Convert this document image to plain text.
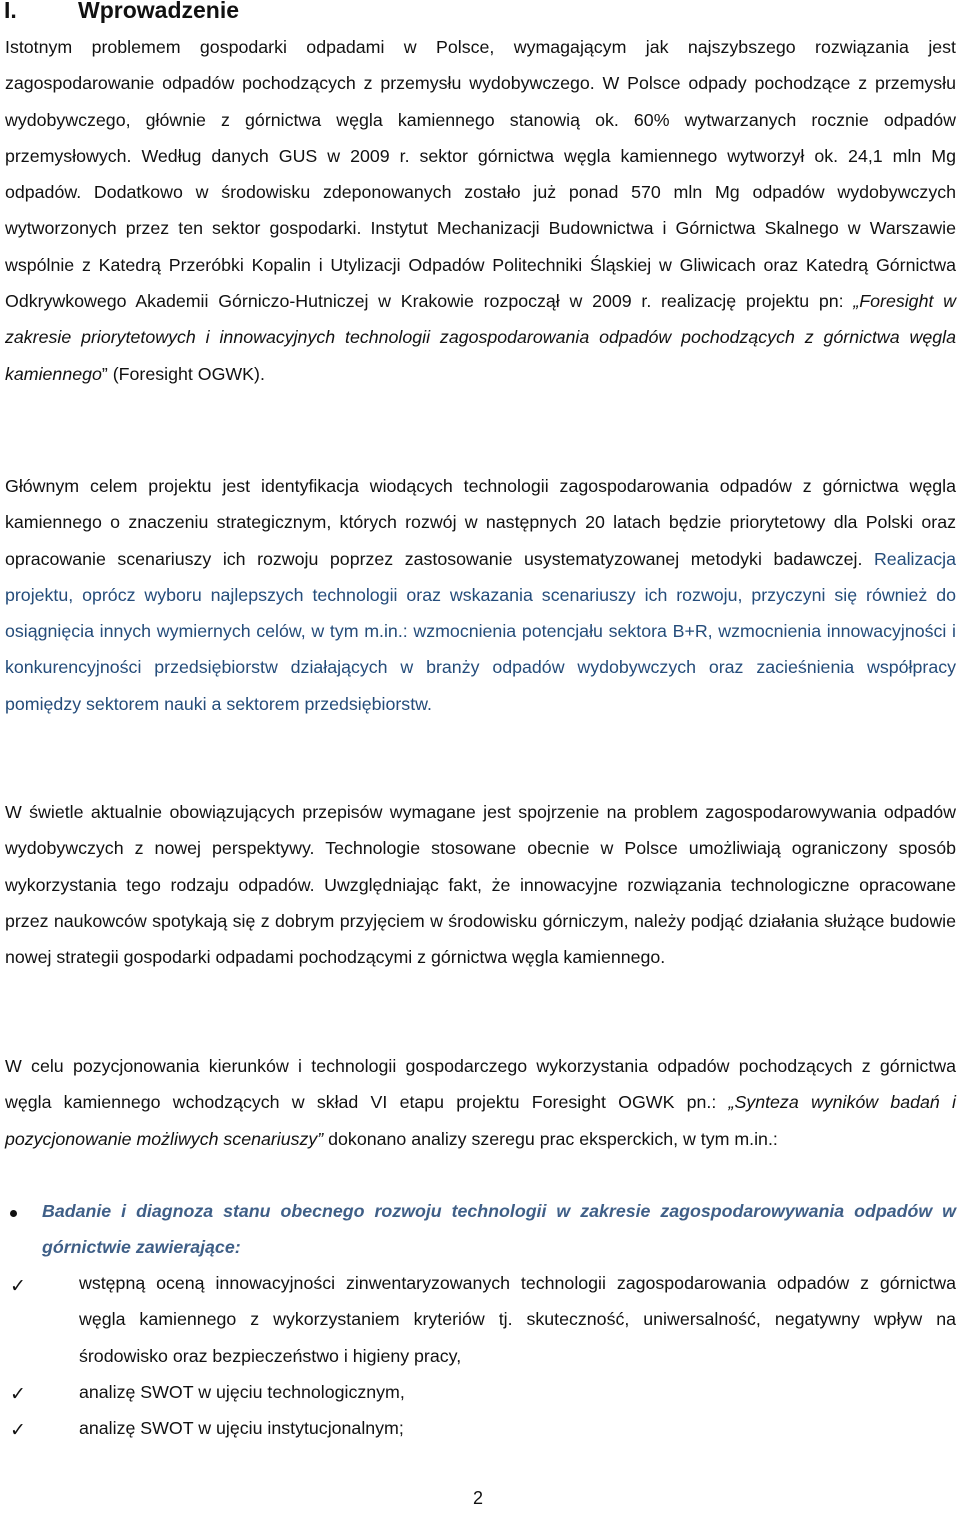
I.	Wprowadzenie

Istotnym problemem gospodarki odpadami w Polsce, wymagającym jak najszybszego rozwiązania jest zagospodarowanie odpadów pochodzących z przemysłu wydobywczego. W Polsce odpady pochodzące z przemysłu wydobywczego, głównie z górnictwa węgla kamiennego stanowią ok. 60% wytwarzanych rocznie odpadów przemysłowych. Według danych GUS w 2009 r. sektor górnictwa węgla kamiennego wytworzył ok. 24,1 mln Mg odpadów. Dodatkowo w środowisku zdeponowanych zostało już ponad 570 mln Mg odpadów wydobywczych wytworzonych przez ten sektor gospodarki. Instytut Mechanizacji Budownictwa i Górnictwa Skalnego w Warszawie wspólnie z Katedrą Przeróbki Kopalin i Utylizacji Odpadów Politechniki Śląskiej w Gliwicach oraz Katedrą Górnictwa Odkrywkowego Akademii Górniczo-Hutniczej w Krakowie rozpoczął w 2009 r. realizację projektu pn: „Foresight w zakresie priorytetowych i innowacyjnych technologii zagospodarowania odpadów pochodzących z górnictwa węgla kamiennego” (Foresight OGWK).

Głównym celem projektu jest identyfikacja wiodących technologii zagospodarowania odpadów z górnictwa węgla kamiennego o znaczeniu strategicznym, których rozwój w następnych 20 latach będzie priorytetowy dla Polski oraz opracowanie scenariuszy ich rozwoju poprzez zastosowanie usystematyzowanej metodyki badawczej. Realizacja projektu, oprócz wyboru najlepszych technologii oraz wskazania scenariuszy ich rozwoju, przyczyni się również do osiągnięcia innych wymiernych celów, w tym m.in.: wzmocnienia potencjału sektora B+R, wzmocnienia innowacyjności i konkurencyjności przedsiębiorstw działających w branży odpadów wydobywczych oraz zacieśnienia współpracy pomiędzy sektorem nauki a sektorem przedsiębiorstw.

W świetle aktualnie obowiązujących przepisów wymagane jest spojrzenie na problem zagospodarowywania odpadów wydobywczych z nowej perspektywy. Technologie stosowane obecnie w Polsce umożliwiają ograniczony sposób wykorzystania tego rodzaju odpadów. Uwzględniając fakt, że innowacyjne rozwiązania technologiczne opracowane przez naukowców spotykają się z dobrym przyjęciem w środowisku górniczym, należy podjąć działania służące budowie nowej strategii gospodarki odpadami pochodzącymi z górnictwa węgla kamiennego.

W celu pozycjonowania kierunków i technologii gospodarczego wykorzystania odpadów pochodzących z górnictwa węgla kamiennego wchodzących w skład VI etapu projektu Foresight OGWK pn.: „Synteza wyników badań i pozycjonowanie możliwych scenariuszy” dokonano analizy szeregu prac eksperckich, w tym m.in.:

Badanie i diagnoza stanu obecnego rozwoju technologii w zakresie zagospodarowywania odpadów w górnictwie zawierające:

✓	wstępną oceną innowacyjności zinwentaryzowanych technologii zagospodarowania odpadów z górnictwa węgla kamiennego z wykorzystaniem kryteriów tj. skuteczność, uniwersalność, negatywny wpływ na środowisko oraz bezpieczeństwo i higieny pracy,

✓	analizę SWOT w ujęciu technologicznym,

✓	analizę SWOT w ujęciu instytucjonalnym;

2
